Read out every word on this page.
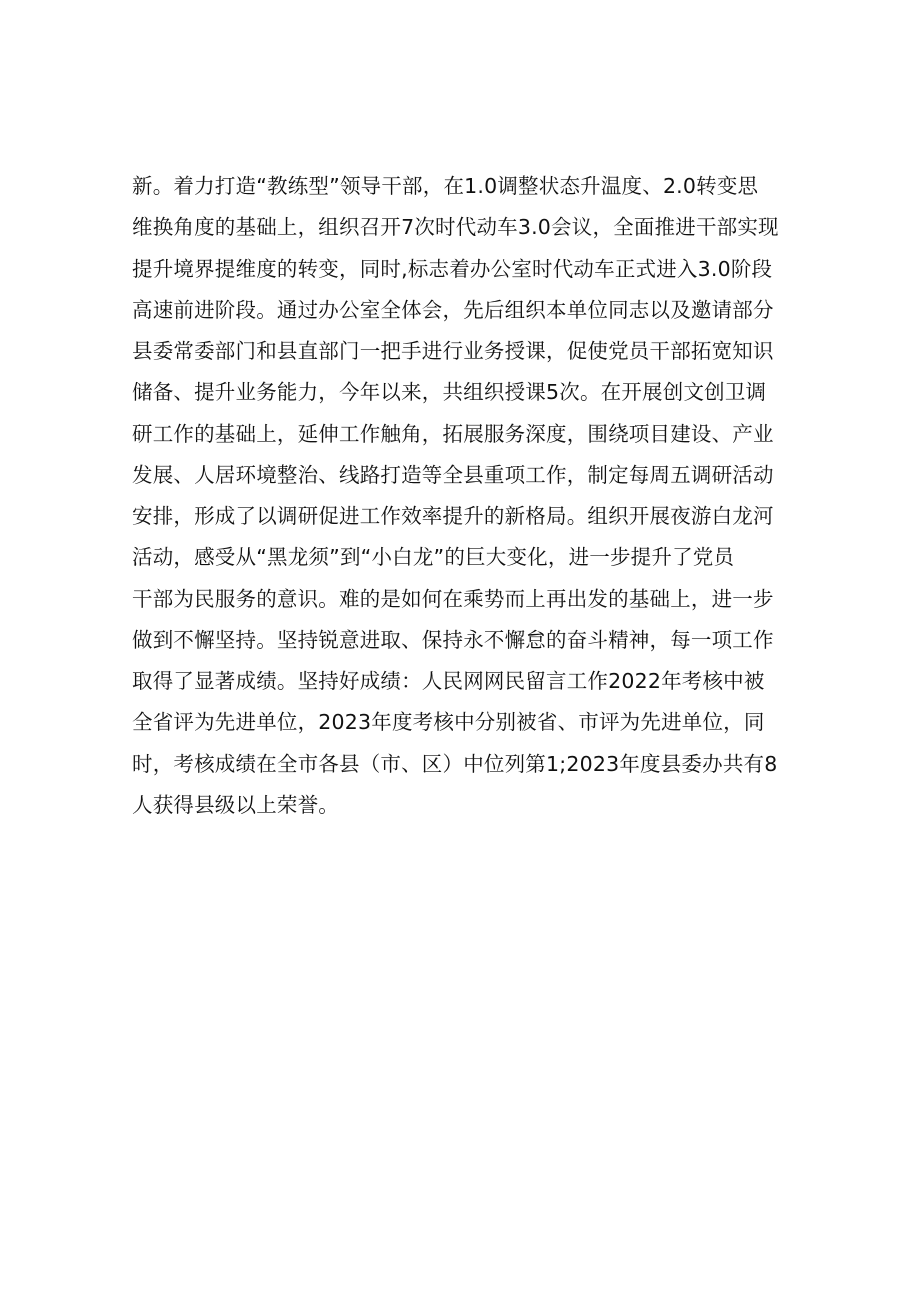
新。着力打造“教练型”领导干部，在1.0调整状态升温度、2.0转变思
维换角度的基础上，组织召开7次时代动车3.0会议，全面推进干部实现
提升境界提维度的转变，同时,标志着办公室时代动车正式进入3.0阶段
高速前进阶段。通过办公室全体会，先后组织本单位同志以及邀请部分
县委常委部门和县直部门一把手进行业务授课，促使党员干部拓宽知识
储备、提升业务能力，今年以来，共组织授课5次。在开展创文创卫调
研工作的基础上，延伸工作触角，拓展服务深度，围绕项目建设、产业
发展、人居环境整治、线路打造等全县重项工作，制定每周五调研活动
安排，形成了以调研促进工作效率提升的新格局。组织开展夜游白龙河
活动，感受从“黑龙须”到“小白龙”的巨大变化，进一步提升了党员
干部为民服务的意识。难的是如何在乘势而上再出发的基础上，进一步
做到不懈坚持。坚持锐意进取、保持永不懈怠的奋斗精神，每一项工作
取得了显著成绩。坚持好成绩：人民网网民留言工作2022年考核中被
全省评为先进单位，2023年度考核中分别被省、市评为先进单位，同
时，考核成绩在全市各县（市、区）中位列第1;2023年度县委办共有8
人获得县级以上荣誉。
